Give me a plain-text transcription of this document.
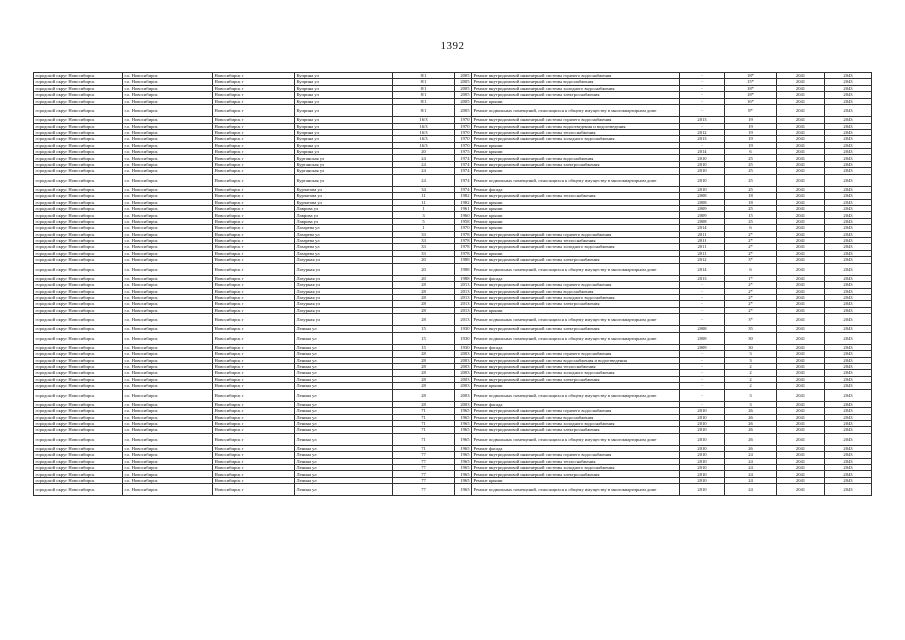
1392
городской округ Новосибирск	г.о. Новосибирск	Новосибирск г	Куприна ул	8/1	2005	Ремонт внутридомовой инженерной системы горячего водоснабжения	-	18*	2041	2043
городской округ Новосибирск	г.о. Новосибирск	Новосибирск г	Куприна ул	8/1	2005	Ремонт внутридомовой инженерной системы водоснабжения	-	15*	2041	2043
городской округ Новосибирск	г.о. Новосибирск	Новосибирск г	Куприна ул	8/1	2005	Ремонт внутридомовой инженерной системы холодного водоснабжения	-	18*	2041	2043
городской округ Новосибирск	г.о. Новосибирск	Новосибирск г	Куприна ул	8/1	2005	Ремонт внутридомовой инженерной системы электроснабжения	-	18*	2041	2043
городской округ Новосибирск	г.о. Новосибирск	Новосибирск г	Куприна ул	8/1	2005	Ремонт крыши	-	16*	2041	2043
городской округ Новосибирск	г.о. Новосибирск	Новосибирск г	Куприна ул	8/1	2005	Ремонт подвальных помещений, относящихся к общему имуществу в многоквартирном доме	-	8*	2041	2043
городской округ Новосибирск	г.о. Новосибирск	Новосибирск г	Куприна ул	16/3	1970	Ремонт внутридомовой инженерной системы горячего водоснабжения	2013	19	2041	2043
городской округ Новосибирск	г.о. Новосибирск	Новосибирск г	Куприна ул	16/3	1970	Ремонт внутридомовой инженерной системы водоотведения и водоотведения	-	19	2041	2043
городской округ Новосибирск	г.о. Новосибирск	Новосибирск г	Куприна ул	16/3	1970	Ремонт внутридомовой инженерной системы теплоснабжения	2012	19	2041	2043
городской округ Новосибирск	г.о. Новосибирск	Новосибирск г	Куприна ул	16/3	1970	Ремонт внутридомовой инженерной системы холодного водоснабжения	2013	19	2041	2043
городской округ Новосибирск	г.о. Новосибирск	Новосибирск г	Куприна ул	16/3	1970	Ремонт крыши	-	19	2041	2043
городской округ Новосибирск	г.о. Новосибирск	Новосибирск г	Куприна ул	20	1975	Ремонт крыши	2014	6	2041	2043
городской округ Новосибирск	г.о. Новосибирск	Новосибирск г	Куртанская ул	24	1974	Ремонт внутридомовой инженерной системы водоснабжения	2010	25	2041	2043
городской округ Новосибирск	г.о. Новосибирск	Новосибирск г	Куртанская ул	24	1974	Ремонт внутридомовой инженерной системы электроснабжения	2010	25	2041	2043
городской округ Новосибирск	г.о. Новосибирск	Новосибирск г	Куртанская ул	24	1974	Ремонт крыши	2010	25	2041	2043
городской округ Новосибирск	г.о. Новосибирск	Новосибирск г	Куртанская ул	24	1974	Ремонт подвальных помещений, относящихся к общему имуществу в многоквартирном доме	2010	25	2041	2043
городской округ Новосибирск	г.о. Новосибирск	Новосибирск г	Курчатова ул	34	1974	Ремонт фасада	2010	25	2041	2043
городской округ Новосибирск	г.о. Новосибирск	Новосибирск г	Курчатова ул	11	1982	Ремонт внутридомовой инженерной системы теплоснабжения	2008	18	2041	2043
городской округ Новосибирск	г.о. Новосибирск	Новосибирск г	Курчатова ул	11	1982	Ремонт крыши	2008	18	2041	2043
городской округ Новосибирск	г.о. Новосибирск	Новосибирск г	Лаврова ул	1	1961	Ремонт крыши	2009	25	2041	2043
городской округ Новосибирск	г.о. Новосибирск	Новосибирск г	Лаврова ул	3	1960	Ремонт крыши	2009	15	2041	2043
городской округ Новосибирск	г.о. Новосибирск	Новосибирск г	Лаврова ул	5	1958	Ремонт крыши	2008	25	2041	2043
городской округ Новосибирск	г.о. Новосибирск	Новосибирск г	Лазарева ул	1	1970	Ремонт крыши	2014	6	2041	2043
городской округ Новосибирск	г.о. Новосибирск	Новосибирск г	Лазарева ул	33	1978	Ремонт внутридомовой инженерной системы горячего водоснабжения	2011	2*	2041	2043
городской округ Новосибирск	г.о. Новосибирск	Новосибирск г	Лазарева ул	33	1978	Ремонт внутридомовой инженерной системы теплоснабжения	2011	2*	2041	2043
городской округ Новосибирск	г.о. Новосибирск	Новосибирск г	Лазарева ул	33	1978	Ремонт внутридомовой инженерной системы холодного водоснабжения	2011	2*	2041	2043
городской округ Новосибирск	г.о. Новосибирск	Новосибирск г	Лазарева ул	33	1978	Ремонт крыши	2011	2*	2041	2043
городской округ Новосибирск	г.о. Новосибирск	Новосибирск г	Лазурная ул	20	1988	Ремонт внутридомовой инженерной системы электроснабжения	2012	3*	2041	2043
городской округ Новосибирск	г.о. Новосибирск	Новосибирск г	Лазурная ул	20	1988	Ремонт подвальных помещений, относящихся к общему имуществу в многоквартирном доме	2014	6	2041	2043
городской округ Новосибирск	г.о. Новосибирск	Новосибирск г	Лазурная ул	20	1988	Ремонт фасада	2013	1*	2041	2043
городской округ Новосибирск	г.о. Новосибирск	Новосибирск г	Лазурная ул	28	2013	Ремонт внутридомовой инженерной системы горячего водоснабжения	-	2*	2041	2043
городской округ Новосибирск	г.о. Новосибирск	Новосибирск г	Лазурная ул	28	2013	Ремонт внутридомовой инженерной системы водоснабжения	-	2*	2041	2043
городской округ Новосибирск	г.о. Новосибирск	Новосибирск г	Лазурная ул	28	2013	Ремонт внутридомовой инженерной системы холодного водоснабжения	-	2*	2041	2043
городской округ Новосибирск	г.о. Новосибирск	Новосибирск г	Лазурная ул	28	2013	Ремонт внутридомовой инженерной системы электроснабжения	-	2*	2041	2043
городской округ Новосибирск	г.о. Новосибирск	Новосибирск г	Лазурная ул	28	2013	Ремонт крыши	-	2*	2041	2043
городской округ Новосибирск	г.о. Новосибирск	Новосибирск г	Лазурная ул	28	2013	Ремонт подвальных помещений, относящихся к общему имуществу в многоквартирном доме	-	3*	2041	2043
городской округ Новосибирск	г.о. Новосибирск	Новосибирск г	Ленина ул	15	1930	Ремонт внутридомовой инженерной системы электроснабжения	2008	35	2041	2043
городской округ Новосибирск	г.о. Новосибирск	Новосибирск г	Ленина ул	15	1930	Ремонт подвальных помещений, относящихся к общему имуществу в многоквартирном доме	2008	30	2041	2043
городской округ Новосибирск	г.о. Новосибирск	Новосибирск г	Ленина ул	15	1930	Ремонт фасада	2009	30	2041	2043
городской округ Новосибирск	г.о. Новосибирск	Новосибирск г	Ленина ул	28	2003	Ремонт внутридомовой инженерной системы горячего водоснабжения	-	3	2041	2043
городской округ Новосибирск	г.о. Новосибирск	Новосибирск г	Ленина ул	28	2003	Ремонт внутридомовой инженерной системы водоснабжения и водоотведения	-	3	2041	2043
городской округ Новосибирск	г.о. Новосибирск	Новосибирск г	Ленина ул	28	2003	Ремонт внутридомовой инженерной системы теплоснабжения	-	2	2041	2043
городской округ Новосибирск	г.о. Новосибирск	Новосибирск г	Ленина ул	28	2003	Ремонт внутридомовой инженерной системы холодного водоснабжения	-	2	2041	2043
городской округ Новосибирск	г.о. Новосибирск	Новосибирск г	Ленина ул	28	2003	Ремонт внутридомовой инженерной системы электроснабжения	-	2	2041	2043
городской округ Новосибирск	г.о. Новосибирск	Новосибирск г	Ленина ул	28	2003	Ремонт крыши	-	2	2041	2043
городской округ Новосибирск	г.о. Новосибирск	Новосибирск г	Ленина ул	28	2003	Ремонт подвальных помещений, относящихся к общему имуществу в многоквартирном доме	-	3	2041	2043
городской округ Новосибирск	г.о. Новосибирск	Новосибирск г	Ленина ул	28	2003	Ремонт фасада	-	3	2041	2043
городской округ Новосибирск	г.о. Новосибирск	Новосибирск г	Ленина ул	71	1965	Ремонт внутридомовой инженерной системы горячего водоснабжения	2010	26	2041	2043
городской округ Новосибирск	г.о. Новосибирск	Новосибирск г	Ленина ул	71	1965	Ремонт внутридомовой инженерной системы водоснабжения	2010	26	2041	2043
городской округ Новосибирск	г.о. Новосибирск	Новосибирск г	Ленина ул	71	1965	Ремонт внутридомовой инженерной системы холодного водоснабжения	2010	26	2041	2043
городской округ Новосибирск	г.о. Новосибирск	Новосибирск г	Ленина ул	71	1965	Ремонт внутридомовой инженерной системы электроснабжения	2010	26	2041	2043
городской округ Новосибирск	г.о. Новосибирск	Новосибирск г	Ленина ул	71	1965	Ремонт подвальных помещений, относящихся к общему имуществу в многоквартирном доме	2010	26	2041	2043
городской округ Новосибирск	г.о. Новосибирск	Новосибирск г	Ленина ул	71	1965	Ремонт фасада	2010	26	2041	2043
городской округ Новосибирск	г.о. Новосибирск	Новосибирск г	Ленина ул	77	1965	Ремонт внутридомовой инженерной системы горячего водоснабжения	2010	24	2041	2043
городской округ Новосибирск	г.о. Новосибирск	Новосибирск г	Ленина ул	77	1965	Ремонт внутридомовой инженерной системы теплоснабжения	2010	24	2041	2043
городской округ Новосибирск	г.о. Новосибирск	Новосибирск г	Ленина ул	77	1965	Ремонт внутридомовой инженерной системы холодного водоснабжения	2010	24	2041	2043
городской округ Новосибирск	г.о. Новосибирск	Новосибирск г	Ленина ул	77	1965	Ремонт внутридомовой инженерной системы электроснабжения	2010	24	2041	2043
городской округ Новосибирск	г.о. Новосибирск	Новосибирск г	Ленина ул	77	1965	Ремонт крыши	2010	24	2041	2043
городской округ Новосибирск	г.о. Новосибирск	Новосибирск г	Ленина ул	77	1965	Ремонт подвальных помещений, относящихся к общему имуществу в многоквартирном доме	2010	24	2041	2043
